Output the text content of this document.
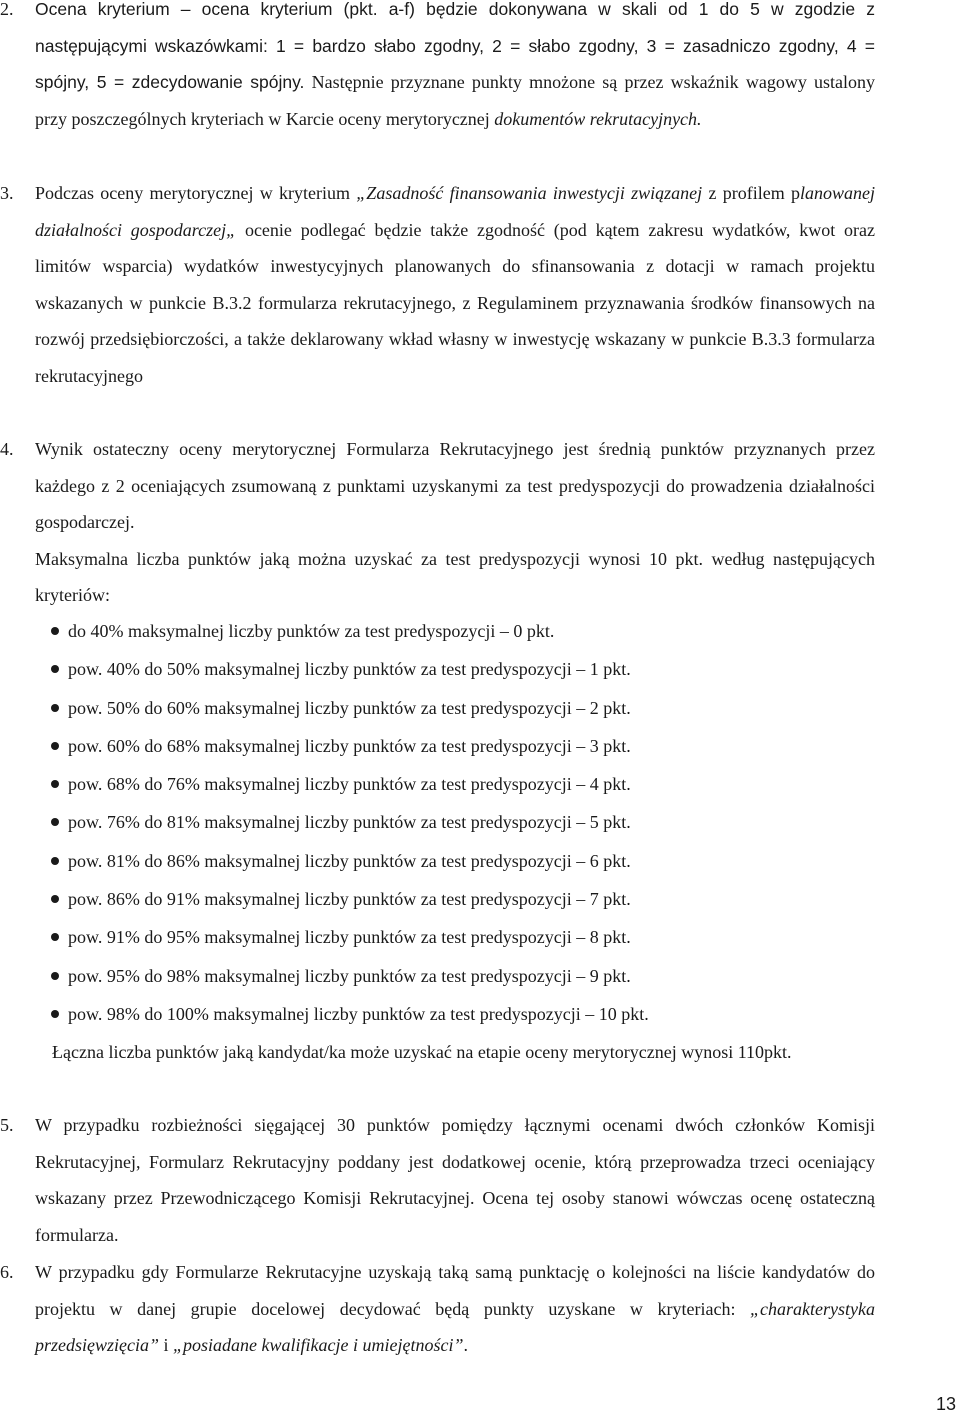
2. Ocena kryterium – ocena kryterium (pkt. a-f) będzie dokonywana w skali od 1 do 5 w zgodzie z następującymi wskazówkami: 1 = bardzo słabo zgodny, 2 = słabo zgodny, 3 = zasadniczo zgodny, 4 = spójny, 5 = zdecydowanie spójny. Następnie przyznane punkty mnożone są przez wskaźnik wagowy ustalony przy poszczególnych kryteriach w Karcie oceny merytorycznej dokumentów rekrutacyjnych.
3. Podczas oceny merytorycznej w kryterium „Zasadność finansowania inwestycji związanej z profilem planowanej działalności gospodarczej„ ocenie podlegać będzie także zgodność (pod kątem zakresu wydatków, kwot oraz limitów wsparcia) wydatków inwestycyjnych planowanych do sfinansowania z dotacji w ramach projektu wskazanych w punkcie B.3.2 formularza rekrutacyjnego, z Regulaminem przyznawania środków finansowych na rozwój przedsiębiorczości, a także deklarowany wkład własny w inwestycję wskazany w punkcie B.3.3 formularza rekrutacyjnego
4. Wynik ostateczny oceny merytorycznej Formularza Rekrutacyjnego jest średnią punktów przyznanych przez każdego z 2 oceniających zsumowaną z punktami uzyskanymi za test predyspozycji do prowadzenia działalności gospodarczej.
Maksymalna liczba punktów jaką można uzyskać za test predyspozycji wynosi 10 pkt. według następujących kryteriów:
do 40% maksymalnej liczby punktów za test predyspozycji – 0 pkt.
pow. 40% do 50% maksymalnej liczby punktów za test predyspozycji – 1 pkt.
pow. 50% do 60% maksymalnej liczby punktów za test predyspozycji – 2 pkt.
pow. 60% do 68% maksymalnej liczby punktów za test predyspozycji – 3 pkt.
pow. 68% do 76% maksymalnej liczby punktów za test predyspozycji – 4 pkt.
pow. 76% do 81% maksymalnej liczby punktów za test predyspozycji – 5 pkt.
pow. 81% do 86% maksymalnej liczby punktów za test predyspozycji – 6 pkt.
pow. 86% do 91% maksymalnej liczby punktów za test predyspozycji – 7 pkt.
pow. 91% do 95% maksymalnej liczby punktów za test predyspozycji – 8 pkt.
pow. 95% do 98% maksymalnej liczby punktów za test predyspozycji – 9 pkt.
pow. 98% do 100% maksymalnej liczby punktów za test predyspozycji – 10 pkt.
Łączna liczba punktów jaką kandydat/ka może uzyskać na etapie oceny merytorycznej wynosi 110pkt.
5. W przypadku rozbieżności sięgającej 30 punktów pomiędzy łącznymi ocenami dwóch członków Komisji Rekrutacyjnej, Formularz Rekrutacyjny poddany jest dodatkowej ocenie, którą przeprowadza trzeci oceniający wskazany przez Przewodniczącego Komisji Rekrutacyjnej. Ocena tej osoby stanowi wówczas ocenę ostateczną formularza.
6. W przypadku gdy Formularze Rekrutacyjne uzyskają taką samą punktację o kolejności na liście kandydatów do projektu w danej grupie docelowej decydować będą punkty uzyskane w kryteriach: „charakterystyka przedsięwzięcia” i „posiadane kwalifikacje i umiejętności”.
13
